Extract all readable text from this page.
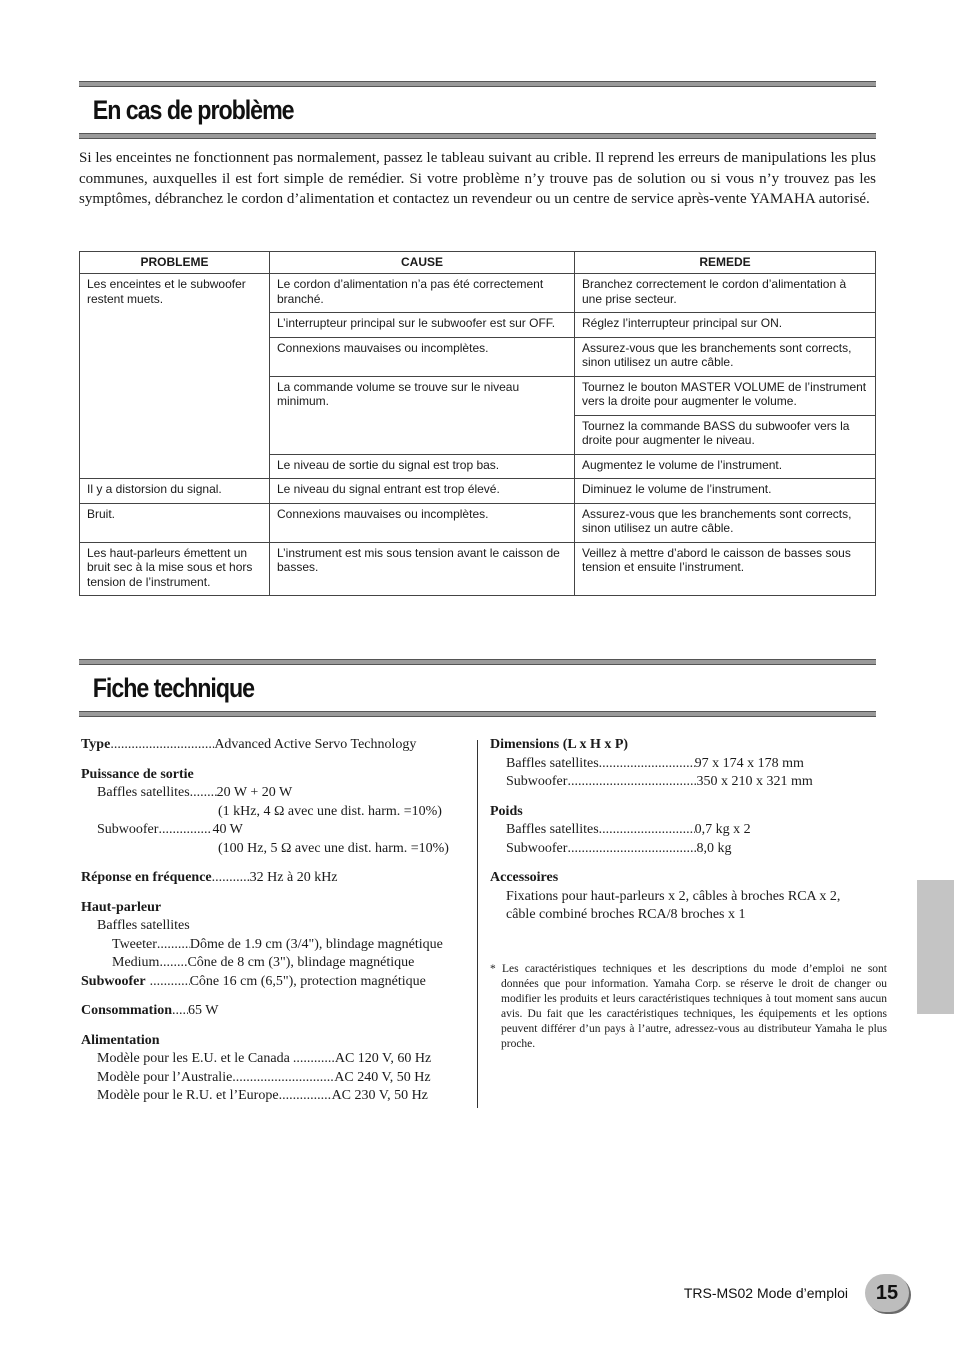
En cas de problème

Si les enceintes ne fonctionnent pas normalement, passez le tableau suivant au crible. Il reprend les erreurs de manipulations les plus communes, auxquelles il est fort simple de remédier. Si votre problème n’y trouve pas de solution ou si vous n’y trouvez pas les symptômes, débranchez le cordon d’alimentation et contactez un revendeur ou un centre de service après-vente YAMAHA autorisé.

PROBLEME	CAUSE	REMEDE
Les enceintes et le subwoofer restent muets.	Le cordon d’alimentation n’a pas été correctement branché.	Branchez correctement le cordon d’alimentation à une prise secteur.
	L’interrupteur principal sur le subwoofer est sur OFF.	Réglez l’interrupteur principal sur ON.
	Connexions mauvaises ou incomplètes.	Assurez-vous que les branchements sont corrects, sinon utilisez un autre câble.
	La commande volume se trouve sur le niveau minimum.	Tournez le bouton MASTER VOLUME de l’instrument vers la droite pour augmenter le volume.
		Tournez la commande BASS du subwoofer vers la droite pour augmenter le niveau.
	Le niveau de sortie du signal est trop bas.	Augmentez le volume de l’instrument.
Il y a distorsion du signal.	Le niveau du signal entrant est trop élevé.	Diminuez le volume de l’instrument.
Bruit.	Connexions mauvaises ou incomplètes.	Assurez-vous que les branchements sont corrects, sinon utilisez un autre câble.
Les haut-parleurs émettent un bruit sec à la mise sous et hors tension de l’instrument.	L’instrument est mis sous tension avant le caisson de basses.	Veillez à mettre d’abord le caisson de basses sous tension et ensuite l’instrument.
Fiche technique
Type .....	Advanced Active Servo Technology
Puissance de sortie
Baffles satellites ..... 20 W + 20 W
(1 kHz, 4 Ω avec une dist. harm. =10%)
Subwoofer .....	40 W
(100 Hz, 5 Ω avec une dist. harm. =10%)
Réponse en fréquence .....	32 Hz à 20 kHz
Haut-parleur
Baffles satellites
Tweeter ..... Dôme de 1.9 cm (3/4"), blindage magnétique
Medium ..... Cône de 8 cm (3"), blindage magnétique
Subwoofer .....	Cône 16 cm (6,5"), protection magnétique
Consommation ..... 65 W
Alimentation
Modèle pour les E.U. et le Canada .....	AC 120 V, 60 Hz
Modèle pour l’Australie .....	AC 240 V, 50 Hz
Modèle pour le R.U. et l’Europe .....	AC 230 V, 50 Hz
Dimensions (L x H x P)
Baffles satellites .....	97 x 174 x 178 mm
Subwoofer .....	350 x 210 x 321 mm
Poids
Baffles satellites .....	0,7 kg x 2
Subwoofer .....	8,0 kg
Accessoires
Fixations pour haut-parleurs x 2, câbles à broches RCA x 2, câble combiné broches RCA/8 broches x 1

* Les caractéristiques techniques et les descriptions du mode d’emploi ne sont données que pour information. Yamaha Corp. se réserve le droit de changer ou modifier les produits et leurs caractéristiques techniques à tout moment sans aucun avis. Du fait que les caractéristiques techniques, les équipements et les options peuvent différer d’un pays à l’autre, adressez-vous au distributeur Yamaha le plus proche.

TRS-MS02 Mode d’emploi	15
